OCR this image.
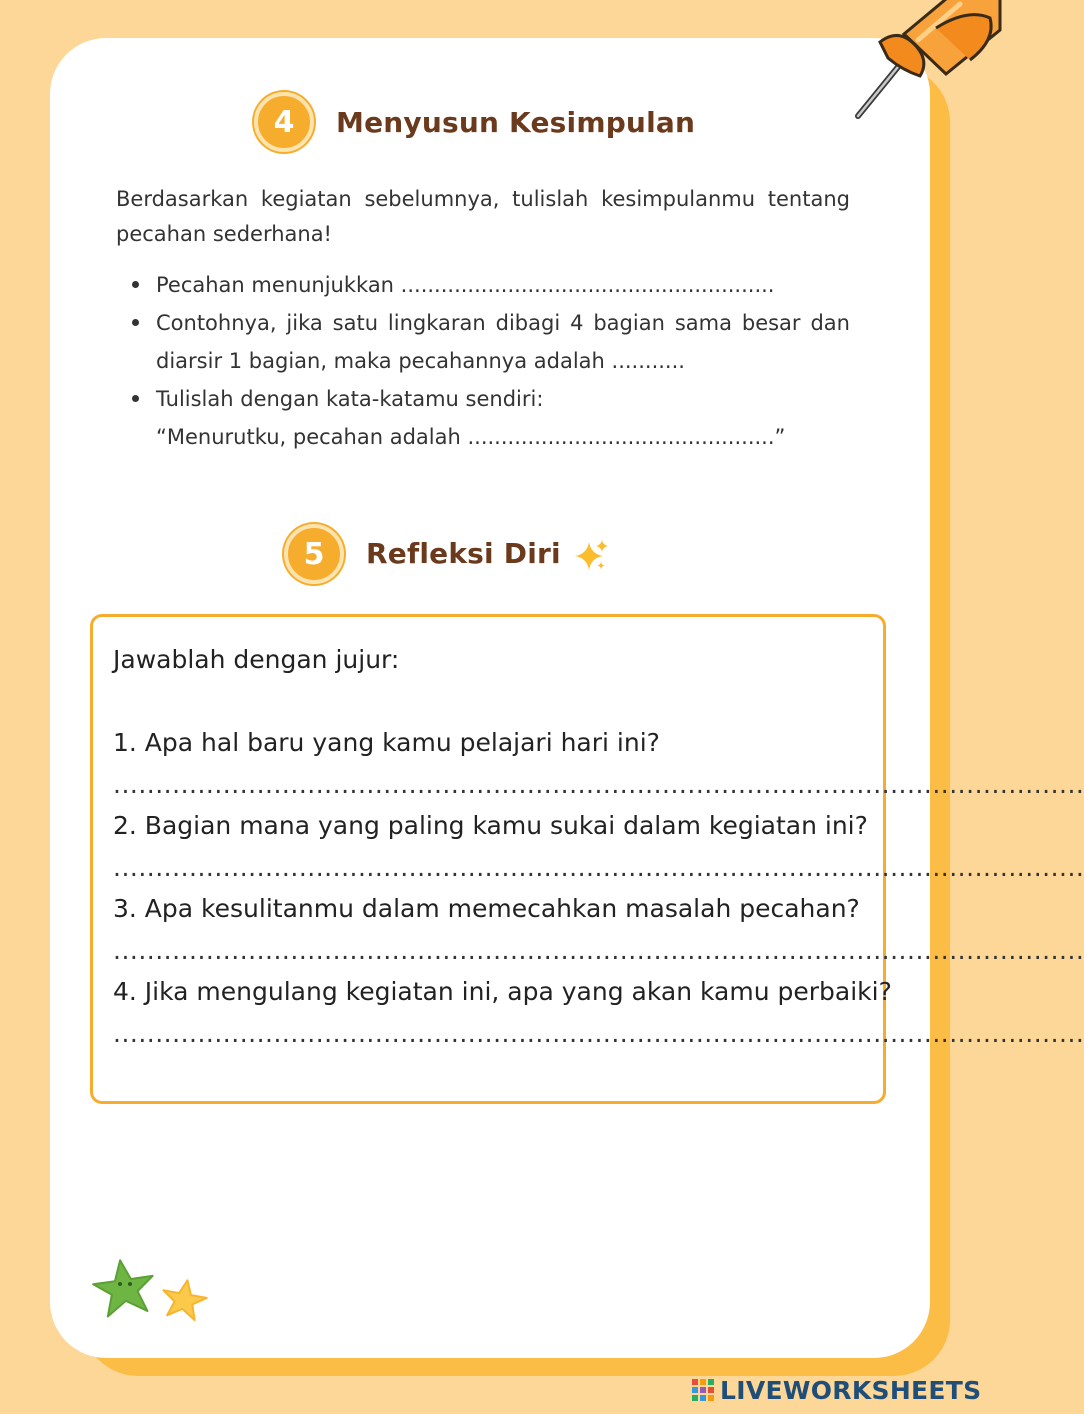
4	Menyusun Kesimpulan
Berdasarkan kegiatan sebelumnya, tulislah kesimpulanmu tentang pecahan sederhana!
Pecahan menunjukkan ........................................................
Contohnya, jika satu lingkaran dibagi 4 bagian sama besar dan diarsir 1 bagian, maka pecahannya adalah ...........
Tulislah dengan kata-katamu sendiri:
“Menurutku, pecahan adalah ..............................................”
5	Refleksi Diri
Jawablah dengan jujur:

1. Apa hal baru yang kamu pelajari hari ini?
...................................................................................................................
2. Bagian mana yang paling kamu sukai dalam kegiatan ini?
...................................................................................................................
3. Apa kesulitanmu dalam memecahkan masalah pecahan?
...................................................................................................................
4. Jika mengulang kegiatan ini, apa yang akan kamu perbaiki?
...................................................................................................................
LIVEWORKSHEETS
